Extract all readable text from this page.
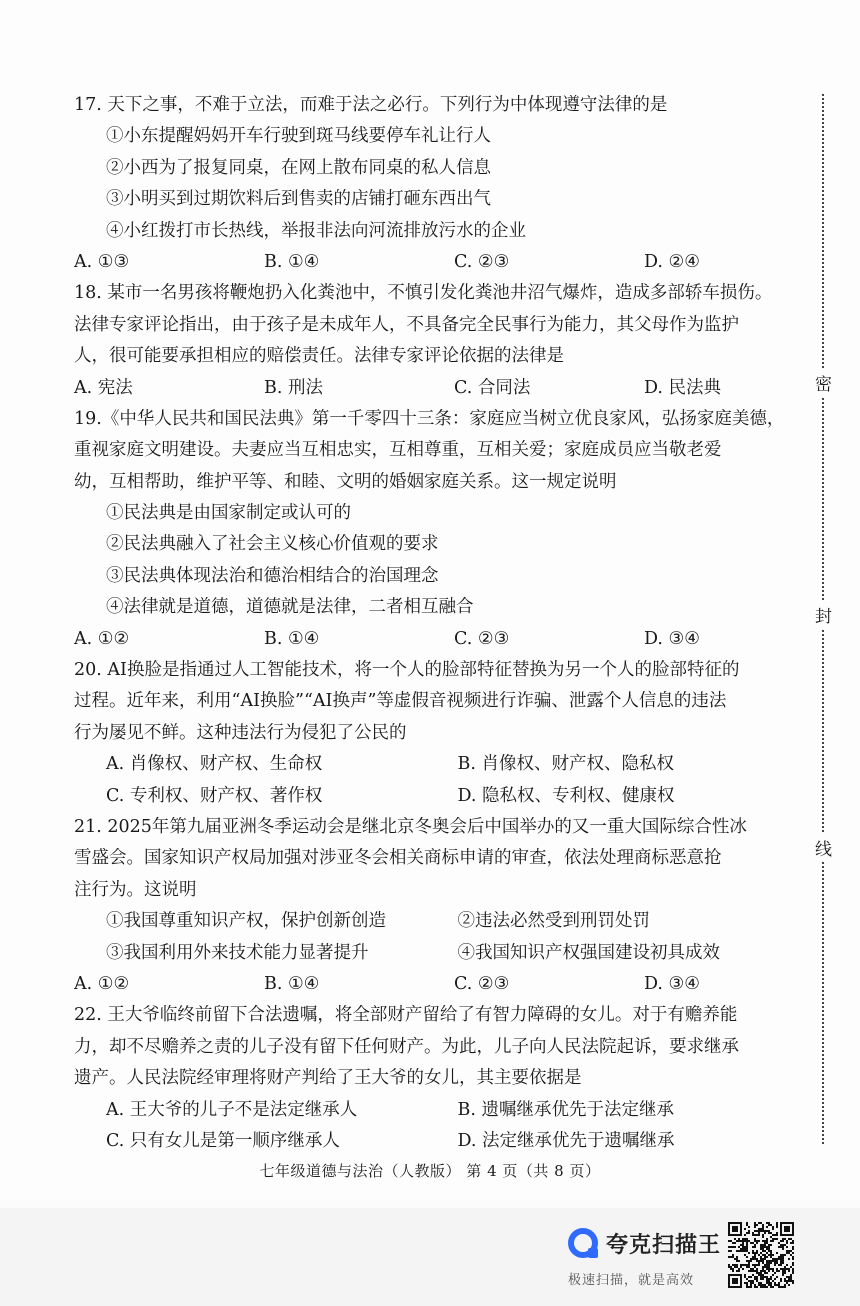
17. 天下之事，不难于立法，而难于法之必行。下列行为中体现遵守法律的是
①小东提醒妈妈开车行驶到斑马线要停车礼让行人
②小西为了报复同桌，在网上散布同桌的私人信息
③小明买到过期饮料后到售卖的店铺打砸东西出气
④小红拨打市长热线，举报非法向河流排放污水的企业
A. ①③	B. ①④	C. ②③	D. ②④
18. 某市一名男孩将鞭炮扔入化粪池中，不慎引发化粪池井沼气爆炸，造成多部轿车损伤。
法律专家评论指出，由于孩子是未成年人，不具备完全民事行为能力，其父母作为监护
人，很可能要承担相应的赔偿责任。法律专家评论依据的法律是
A. 宪法	B. 刑法	C. 合同法	D. 民法典
19.《中华人民共和国民法典》第一千零四十三条：家庭应当树立优良家风，弘扬家庭美德，
重视家庭文明建设。夫妻应当互相忠实，互相尊重，互相关爱；家庭成员应当敬老爱
幼，互相帮助，维护平等、和睦、文明的婚姻家庭关系。这一规定说明
①民法典是由国家制定或认可的
②民法典融入了社会主义核心价值观的要求
③民法典体现法治和德治相结合的治国理念
④法律就是道德，道德就是法律，二者相互融合
A. ①②	B. ①④	C. ②③	D. ③④
20. AI换脸是指通过人工智能技术，将一个人的脸部特征替换为另一个人的脸部特征的
过程。近年来，利用“AI换脸”“AI换声”等虚假音视频进行诈骗、泄露个人信息的违法
行为屡见不鲜。这种违法行为侵犯了公民的
A. 肖像权、财产权、生命权	B. 肖像权、财产权、隐私权
C. 专利权、财产权、著作权	D. 隐私权、专利权、健康权
21. 2025年第九届亚洲冬季运动会是继北京冬奥会后中国举办的又一重大国际综合性冰
雪盛会。国家知识产权局加强对涉亚冬会相关商标申请的审查，依法处理商标恶意抢
注行为。这说明
①我国尊重知识产权，保护创新创造	②违法必然受到刑罚处罚
③我国利用外来技术能力显著提升	④我国知识产权强国建设初具成效
A. ①②	B. ①④	C. ②③	D. ③④
22. 王大爷临终前留下合法遗嘱，将全部财产留给了有智力障碍的女儿。对于有赡养能
力，却不尽赡养之责的儿子没有留下任何财产。为此，儿子向人民法院起诉，要求继承
遗产。人民法院经审理将财产判给了王大爷的女儿，其主要依据是
A. 王大爷的儿子不是法定继承人	B. 遗嘱继承优先于法定继承
C. 只有女儿是第一顺序继承人	D. 法定继承优先于遗嘱继承
密
封
线
七年级道德与法治（人教版） 第 4 页（共 8 页）
夸克扫描王
极速扫描，就是高效
